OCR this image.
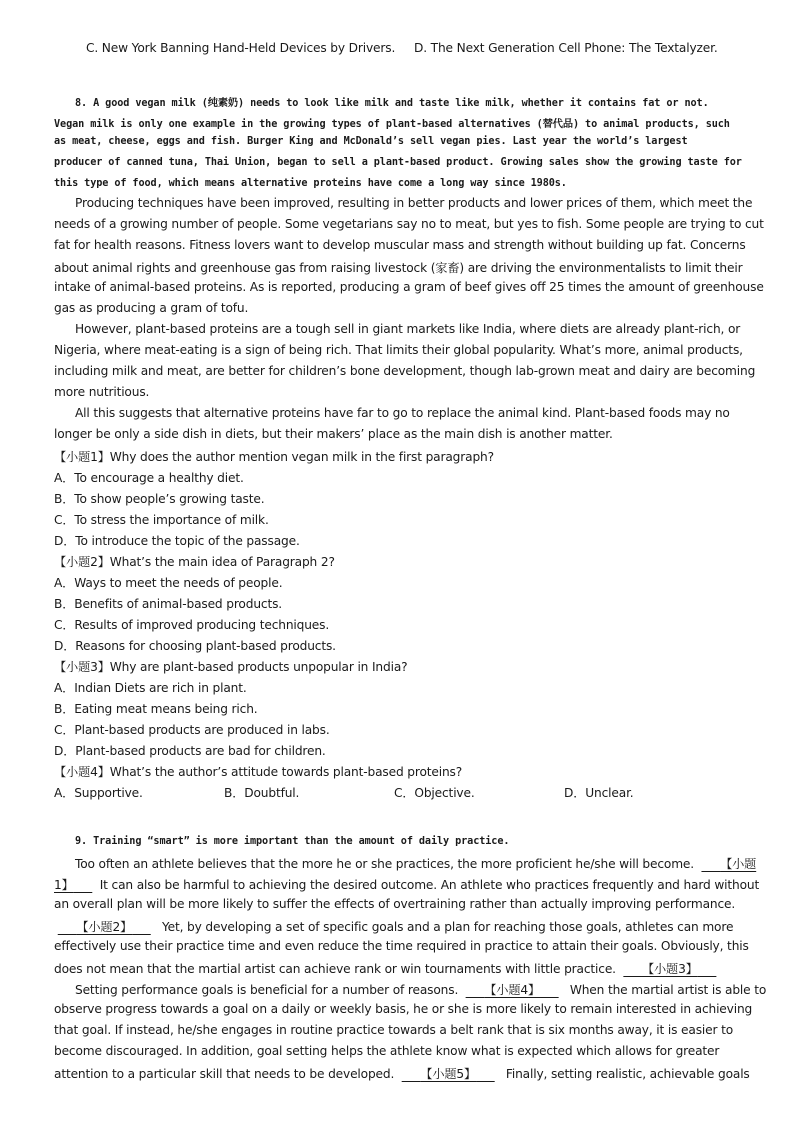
C. New York Banning Hand-Held Devices by Drivers. D. The Next Generation Cell Phone: The Textalyzer.

8. A good vegan milk (纯素奶) needs to look like milk and taste like milk, whether it contains fat or not.

Vegan milk is only one example in the growing types of plant-based alternatives (替代品) to animal products, such

as meat, cheese, eggs and fish. Burger King and McDonald’s sell vegan pies. Last year the world’s largest

producer of canned tuna, Thai Union, began to sell a plant-based product. Growing sales show the growing taste for

this type of food, which means alternative proteins have come a long way since 1980s.

Producing techniques have been improved, resulting in better products and lower prices of them, which meet the

needs of a growing number of people. Some vegetarians say no to meat, but yes to fish. Some people are trying to cut

fat for health reasons. Fitness lovers want to develop muscular mass and strength without building up fat. Concerns

about animal rights and greenhouse gas from raising livestock (家畜) are driving the environmentalists to limit their

intake of animal-based proteins. As is reported, producing a gram of beef gives off 25 times the amount of greenhouse

gas as producing a gram of tofu.

However, plant-based proteins are a tough sell in giant markets like India, where diets are already plant-rich, or

Nigeria, where meat-eating is a sign of being rich. That limits their global popularity. What’s more, animal products,

including milk and meat, are better for children’s bone development, though lab-grown meat and dairy are becoming

more nutritious.

All this suggests that alternative proteins have far to go to replace the animal kind. Plant-based foods may no

longer be only a side dish in diets, but their makers’ place as the main dish is another matter.

【小题1】Why does the author mention vegan milk in the first paragraph?

A．To encourage a healthy diet.

B．To show people’s growing taste.

C．To stress the importance of milk.

D．To introduce the topic of the passage.

【小题2】What’s the main idea of Paragraph 2?

A．Ways to meet the needs of people.

B．Benefits of animal-based products.

C．Results of improved producing techniques.

D．Reasons for choosing plant-based products.

【小题3】Why are plant-based products unpopular in India?

A．Indian Diets are rich in plant.

B．Eating meat means being rich.

C．Plant-based products are produced in labs.

D．Plant-based products are bad for children.

【小题4】What’s the author’s attitude towards plant-based proteins?

A．Supportive.	B．Doubtful.	C．Objective.	D．Unclear.

9. Training “smart” is more important than the amount of daily practice.

Too often an athlete believes that the more he or she practices, the more proficient he/she will become. 【小题

1】 It can also be harmful to achieving the desired outcome. An athlete who practices frequently and hard without

an overall plan will be more likely to suffer the effects of overtraining rather than actually improving performance.

【小题2】 Yet, by developing a set of specific goals and a plan for reaching those goals, athletes can more

effectively use their practice time and even reduce the time required in practice to attain their goals. Obviously, this

does not mean that the martial artist can achieve rank or win tournaments with little practice. 【小题3】

Setting performance goals is beneficial for a number of reasons. 【小题4】 When the martial artist is able to

observe progress towards a goal on a daily or weekly basis, he or she is more likely to remain interested in achieving

that goal. If instead, he/she engages in routine practice towards a belt rank that is six months away, it is easier to

become discouraged. In addition, goal setting helps the athlete know what is expected which allows for greater

attention to a particular skill that needs to be developed. 【小题5】 Finally, setting realistic, achievable goals
